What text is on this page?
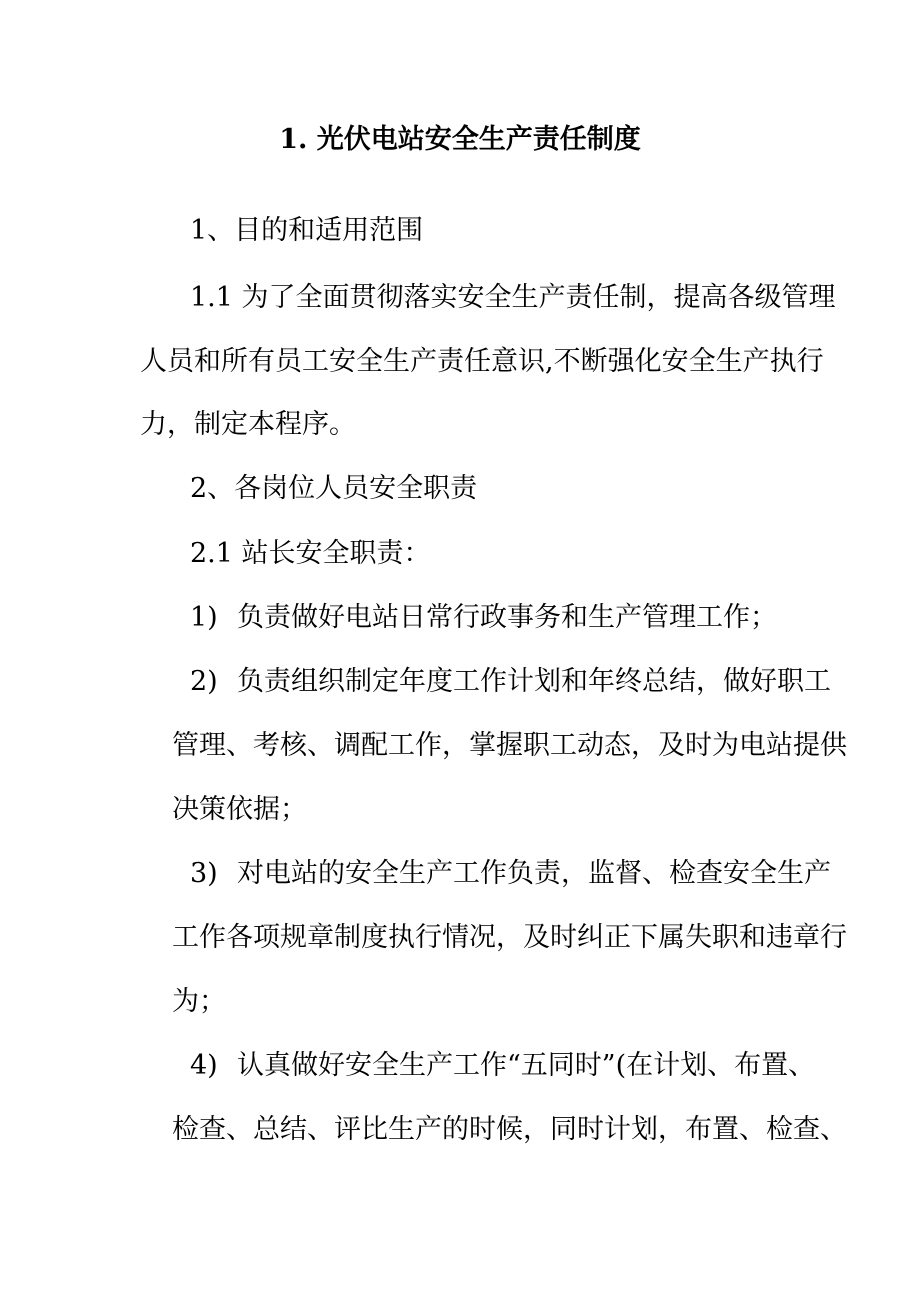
1. 光伏电站安全生产责任制度
1、目的和适用范围
1.1 为了全面贯彻落实安全生产责任制，提高各级管理
人员和所有员工安全生产责任意识,不断强化安全生产执行
力，制定本程序。
2、各岗位人员安全职责
2.1 站长安全职责：
1) 负责做好电站日常行政事务和生产管理工作；
2) 负责组织制定年度工作计划和年终总结，做好职工
管理、考核、调配工作，掌握职工动态，及时为电站提供
决策依据；
3) 对电站的安全生产工作负责，监督、检查安全生产
工作各项规章制度执行情况，及时纠正下属失职和违章行
为；
4) 认真做好安全生产工作“五同时”(在计划、布置、
检查、总结、评比生产的时候，同时计划，布置、检查、
